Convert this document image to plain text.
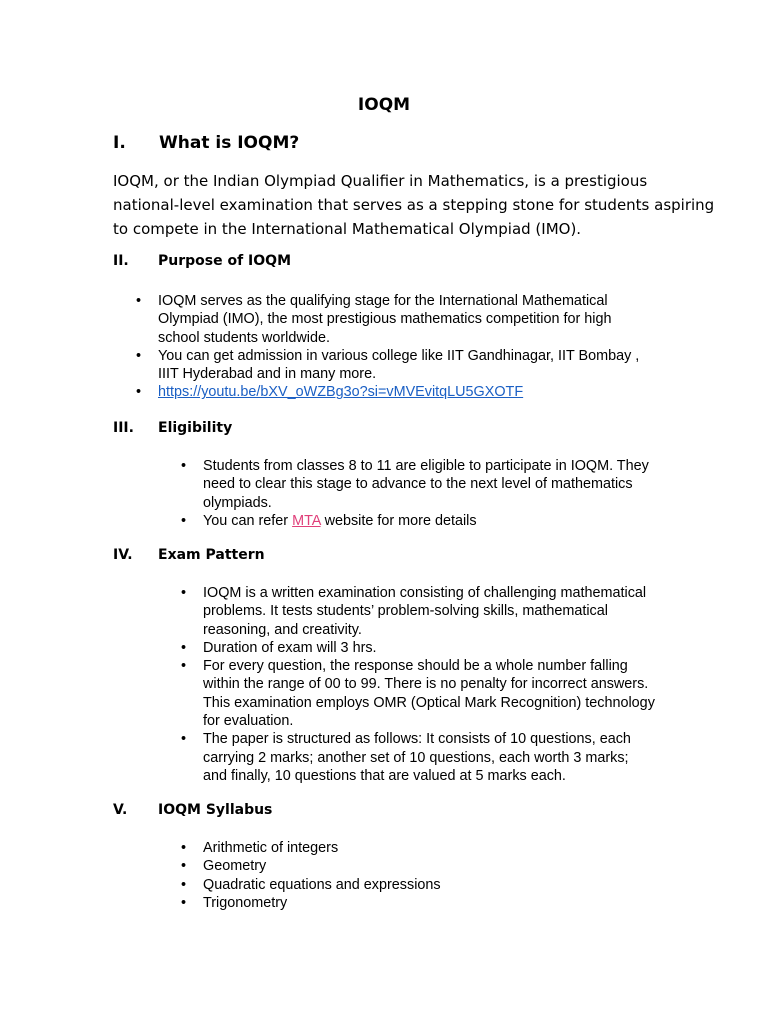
IOQM
I. What is IOQM?
IOQM, or the Indian Olympiad Qualifier in Mathematics, is a prestigious
national-level examination that serves as a stepping stone for students aspiring
to compete in the International Mathematical Olympiad (IMO).
II. Purpose of IOQM
• IOQM serves as the qualifying stage for the International Mathematical
Olympiad (IMO), the most prestigious mathematics competition for high
school students worldwide.
• You can get admission in various college like IIT Gandhinagar, IIT Bombay ,
IIIT Hyderabad and in many more.
• https://youtu.be/bXV_oWZBg3o?si=vMVEvitqLU5GXOTF
III. Eligibility
• Students from classes 8 to 11 are eligible to participate in IOQM. They
need to clear this stage to advance to the next level of mathematics
olympiads.
• You can refer MTA website for more details
IV. Exam Pattern
• IOQM is a written examination consisting of challenging mathematical
problems. It tests students’ problem-solving skills, mathematical
reasoning, and creativity.
• Duration of exam will 3 hrs.
• For every question, the response should be a whole number falling
within the range of 00 to 99. There is no penalty for incorrect answers.
This examination employs OMR (Optical Mark Recognition) technology
for evaluation.
• The paper is structured as follows: It consists of 10 questions, each
carrying 2 marks; another set of 10 questions, each worth 3 marks;
and finally, 10 questions that are valued at 5 marks each.
V. IOQM Syllabus
• Arithmetic of integers
• Geometry
• Quadratic equations and expressions
• Trigonometry
